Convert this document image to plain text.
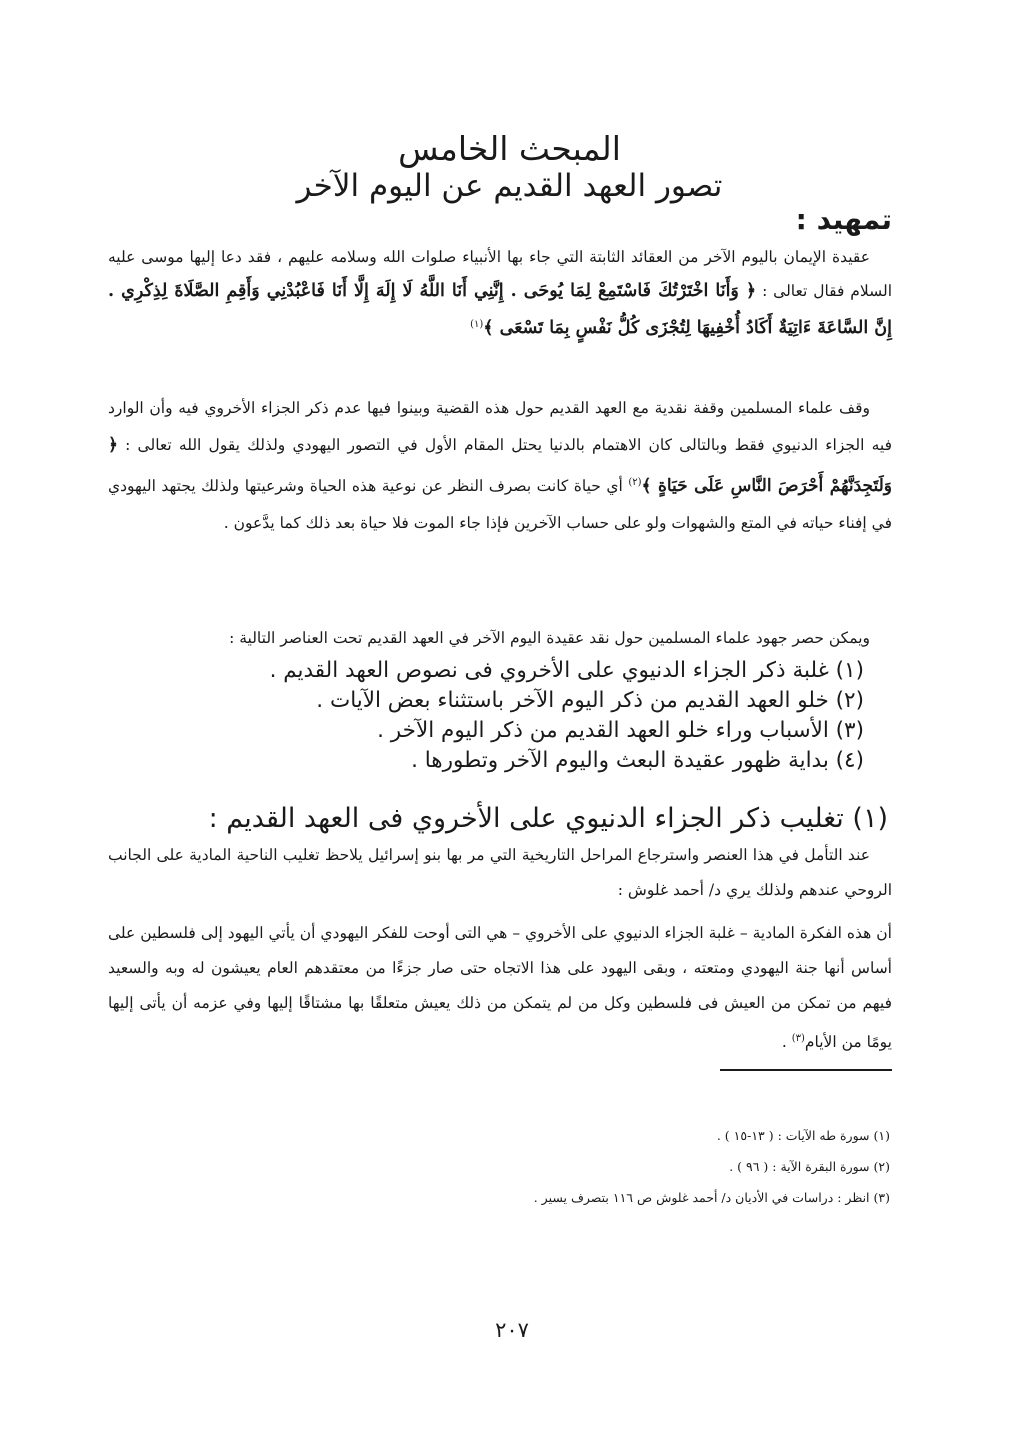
المبحث الخامس
تصور العهد القديم عن اليوم الآخر
تمهيد :

عقيدة الإيمان باليوم الآخر من العقائد الثابتة التي جاء بها الأنبياء صلوات الله وسلامه عليهم ، فقد دعا إليها موسى عليه السلام فقال تعالى : ﴿ وَأَنَا اخْتَرْتُكَ فَاسْتَمِعْ لِمَا يُوحَى . إِنَّنِي أَنَا اللَّهُ لَا إِلَهَ إِلَّا أَنَا فَاعْبُدْنِي وَأَقِمِ الصَّلَاةَ لِذِكْرِي . إِنَّ السَّاعَةَ ءَاتِيَةٌ أَكَادُ أُخْفِيهَا لِتُجْزَى كُلُّ نَفْسٍ بِمَا تَسْعَى ﴾$^{(١)}$

وقف علماء المسلمين وقفة نقدية مع العهد القديم حول هذه القضية وبينوا فيها عدم ذكر الجزاء الأخروي فيه وأن الوارد فيه الجزاء الدنيوي فقط وبالتالى كان الاهتمام بالدنيا يحتل المقام الأول في التصور اليهودي ولذلك يقول الله تعالى : ﴿ وَلَتَجِدَنَّهُمْ أَحْرَصَ النَّاسِ عَلَى حَيَاةٍ ﴾$^{(٢)}$ أي حياة كانت بصرف النظر عن نوعية هذه الحياة وشرعيتها ولذلك يجتهد اليهودي في إفناء حياته في المتع والشهوات ولو على حساب الآخرين فإذا جاء الموت فلا حياة بعد ذلك كما يدَّعون .

ويمكن حصر جهود علماء المسلمين حول نقد عقيدة اليوم الآخر في العهد القديم تحت العناصر التالية :

(١) غلبة ذكر الجزاء الدنيوي على الأخروي فى نصوص العهد القديم .
(٢) خلو العهد القديم من ذكر اليوم الآخر باستثناء بعض الآيات .
(٣) الأسباب وراء خلو العهد القديم من ذكر اليوم الآخر .
(٤) بداية ظهور عقيدة البعث واليوم الآخر وتطورها .
(١) تغليب ذكر الجزاء الدنيوي على الأخروي فى العهد القديم :

عند التأمل في هذا العنصر واسترجاع المراحل التاريخية التي مر بها بنو إسرائيل يلاحظ تغليب الناحية المادية على الجانب الروحي عندهم ولذلك يري د/ أحمد غلوش :

أن هذه الفكرة المادية – غلبة الجزاء الدنيوي على الأخروي – هي التى أوحت للفكر اليهودي أن يأتي اليهود إلى فلسطين على أساس أنها جنة اليهودي ومتعته ، وبقى اليهود على هذا الاتجاه حتى صار جزءًا من معتقدهم العام يعيشون له وبه والسعيد فيهم من تمكن من العيش فى فلسطين وكل من لم يتمكن من ذلك يعيش متعلقًا بها مشتاقًا إليها وفي عزمه أن يأتى إليها يومًا من الأيام$^{(٣)}$ .

(١) سورة طه الآيات : ( ١٣-١٥ ) .
(٢) سورة البقرة الآية : ( ٩٦ ) .
(٣) انظر : دراسات في الأديان د/ أحمد غلوش ص ١١٦ بتصرف يسير .
٢٠٧
